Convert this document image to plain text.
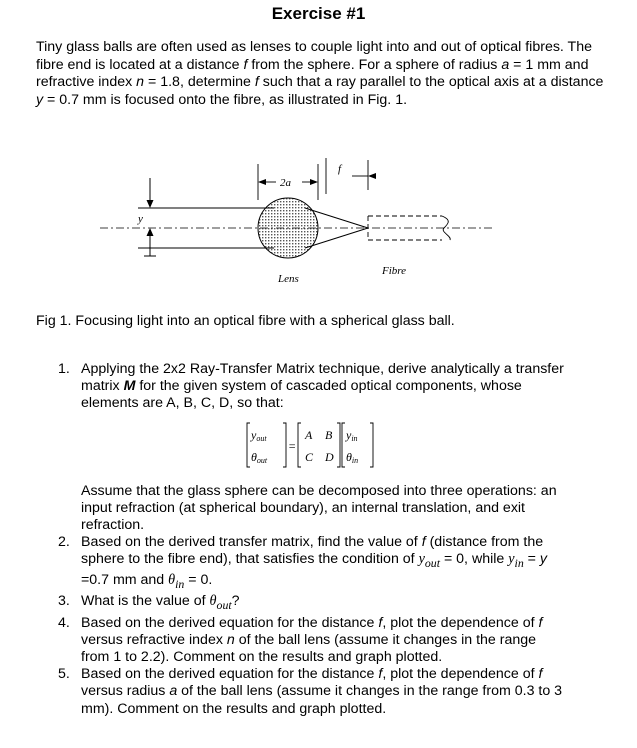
Exercise #1
Tiny glass balls are often used as lenses to couple light into and out of optical fibres. The fibre end is located at a distance f from the sphere. For a sphere of radius a = 1 mm and refractive index n = 1.8, determine f such that a ray parallel to the optical axis at a distance y = 0.7 mm is focused onto the fibre, as illustrated in Fig. 1.
y
2a
f
Lens
Fibre
Fig 1. Focusing light into an optical fibre with a spherical glass ball.
1. Applying the 2x2 Ray-Transfer Matrix technique, derive analytically a transfer matrix M for the given system of cascaded optical components, whose elements are A, B, C, D, so that:

yout
θout
=
A B
C D
yin
θin

Assume that the glass sphere can be decomposed into three operations: an input refraction (at spherical boundary), an internal translation, and exit refraction.

2. Based on the derived transfer matrix, find the value of f (distance from the sphere to the fibre end), that satisfies the condition of $y_{out} = 0$, while $y_{in} = y =0.7$ mm and $\theta_{in} = 0$.

3. What is the value of $\theta_{out}$?

4. Based on the derived equation for the distance f, plot the dependence of f versus refractive index n of the ball lens (assume it changes in the range from 1 to 2.2). Comment on the results and graph plotted.

5. Based on the derived equation for the distance f, plot the dependence of f versus radius a of the ball lens (assume it changes in the range from 0.3 to 3 mm). Comment on the results and graph plotted.
